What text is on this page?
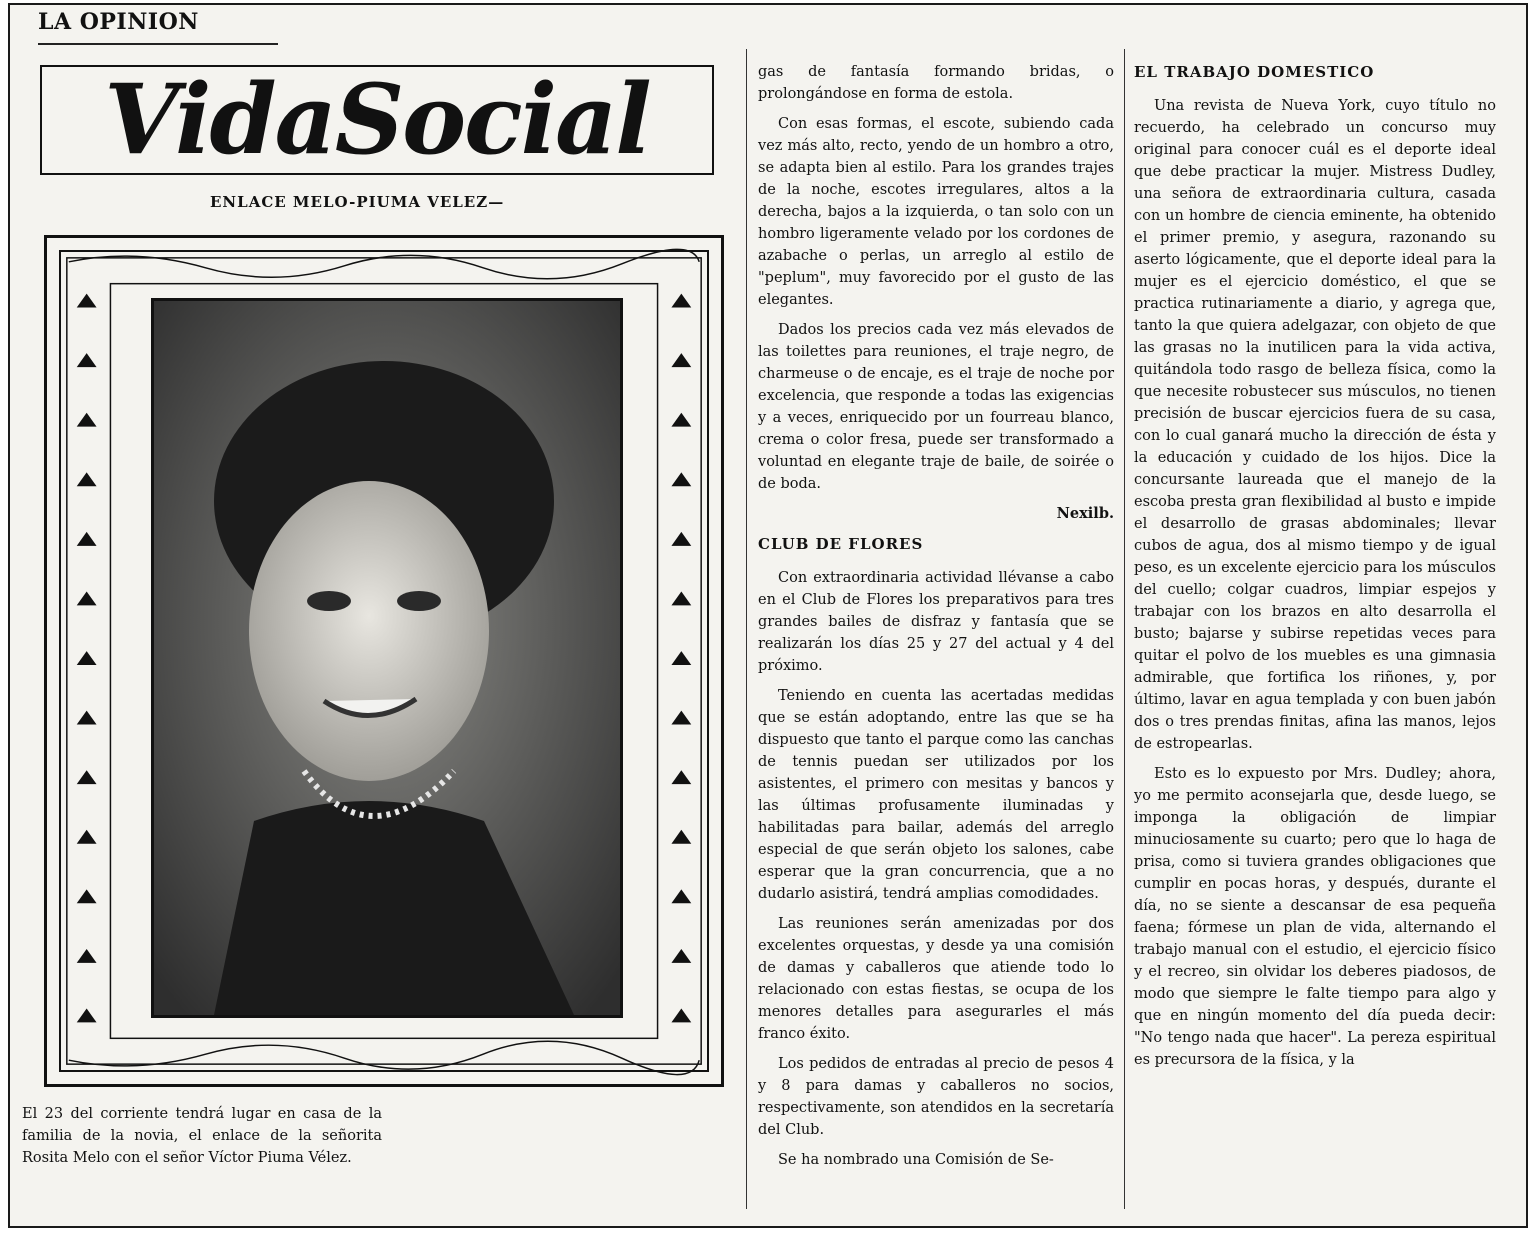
LA OPINION
VidaSocial
ENLACE MELO-PIUMA VELEZ—
El 23 del corriente tendrá lugar en casa de la familia de la novia, el enlace de la señorita Rosita Melo con el señor Víctor Piuma Vélez.

gas de fantasía formando bridas, o prolongándose en forma de estola.

Con esas formas, el escote, subiendo cada vez más alto, recto, yendo de un hombro a otro, se adapta bien al estilo. Para los grandes trajes de la noche, escotes irregulares, altos a la derecha, bajos a la izquierda, o tan solo con un hombro ligeramente velado por los cordones de azabache o perlas, un arreglo al estilo de "peplum", muy favorecido por el gusto de las elegantes.

Dados los precios cada vez más elevados de las toilettes para reuniones, el traje negro, de charmeuse o de encaje, es el traje de noche por excelencia, que responde a todas las exigencias y a veces, enriquecido por un fourreau blanco, crema o color fresa, puede ser transformado a voluntad en elegante traje de baile, de soirée o de boda.

Nexilb.

CLUB DE FLORES

Con extraordinaria actividad llévanse a cabo en el Club de Flores los preparativos para tres grandes bailes de disfraz y fantasía que se realizarán los días 25 y 27 del actual y 4 del próximo.

Teniendo en cuenta las acertadas medidas que se están adoptando, entre las que se ha dispuesto que tanto el parque como las canchas de tennis puedan ser utilizados por los asistentes, el primero con mesitas y bancos y las últimas profusamente iluminadas y habilitadas para bailar, además del arreglo especial de que serán objeto los salones, cabe esperar que la gran concurrencia, que a no dudarlo asistirá, tendrá amplias comodidades.

Las reuniones serán amenizadas por dos excelentes orquestas, y desde ya una comisión de damas y caballeros que atiende todo lo relacionado con estas fiestas, se ocupa de los menores detalles para asegurarles el más franco éxito.

Los pedidos de entradas al precio de pesos 4 y 8 para damas y caballeros no socios, respectivamente, son atendidos en la secretaría del Club.

Se ha nombrado una Comisión de Se-

EL TRABAJO DOMESTICO

Una revista de Nueva York, cuyo título no recuerdo, ha celebrado un concurso muy original para conocer cuál es el deporte ideal que debe practicar la mujer. Mistress Dudley, una señora de extraordinaria cultura, casada con un hombre de ciencia eminente, ha obtenido el primer premio, y asegura, razonando su aserto lógicamente, que el deporte ideal para la mujer es el ejercicio doméstico, el que se practica rutinariamente a diario, y agrega que, tanto la que quiera adelgazar, con objeto de que las grasas no la inutilicen para la vida activa, quitándola todo rasgo de belleza física, como la que necesite robustecer sus músculos, no tienen precisión de buscar ejercicios fuera de su casa, con lo cual ganará mucho la dirección de ésta y la educación y cuidado de los hijos. Dice la concursante laureada que el manejo de la escoba presta gran flexibilidad al busto e impide el desarrollo de grasas abdominales; llevar cubos de agua, dos al mismo tiempo y de igual peso, es un excelente ejercicio para los músculos del cuello; colgar cuadros, limpiar espejos y trabajar con los brazos en alto desarrolla el busto; bajarse y subirse repetidas veces para quitar el polvo de los muebles es una gimnasia admirable, que fortifica los riñones, y, por último, lavar en agua templada y con buen jabón dos o tres prendas finitas, afina las manos, lejos de estropearlas.

Esto es lo expuesto por Mrs. Dudley; ahora, yo me permito aconsejarla que, desde luego, se imponga la obligación de limpiar minuciosamente su cuarto; pero que lo haga de prisa, como si tuviera grandes obligaciones que cumplir en pocas horas, y después, durante el día, no se siente a descansar de esa pequeña faena; fórmese un plan de vida, alternando el trabajo manual con el estudio, el ejercicio físico y el recreo, sin olvidar los deberes piadosos, de modo que siempre le falte tiempo para algo y que en ningún momento del día pueda decir: "No tengo nada que hacer". La pereza espiritual es precursora de la física, y la
